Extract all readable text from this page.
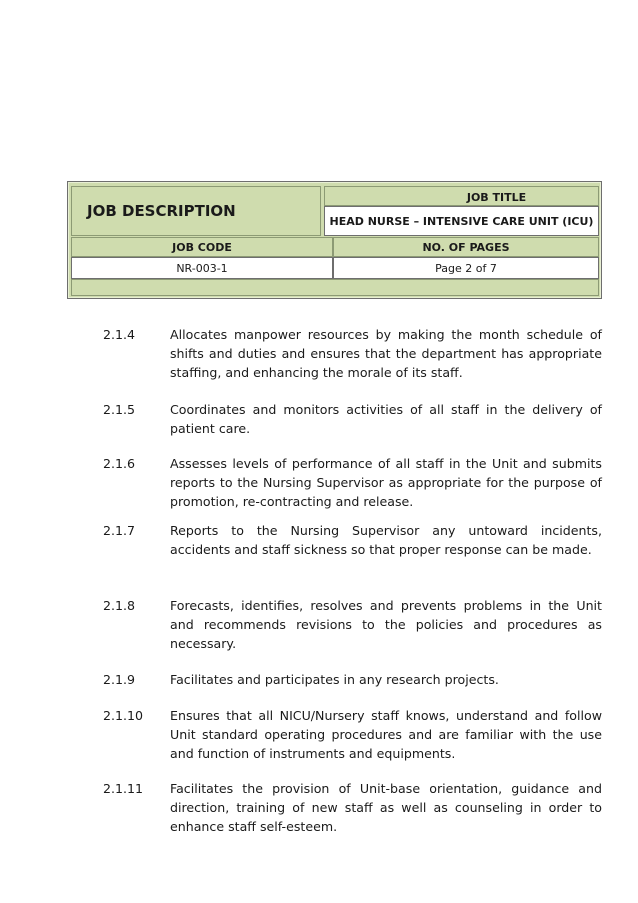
JOB DESCRIPTION
JOB TITLE
HEAD NURSE – INTENSIVE CARE UNIT (ICU)
JOB CODE	NO. OF PAGES
NR-003-1	Page 2 of 7
2.1.4	Allocates manpower resources by making the month schedule of shifts and duties and ensures that the department has appropriate staffing, and enhancing the morale of its staff.
2.1.5	Coordinates and monitors activities of all staff in the delivery of patient care.
2.1.6	Assesses levels of performance of all staff in the Unit and submits reports to the Nursing Supervisor as appropriate for the purpose of promotion, re-contracting and release.
2.1.7	Reports to the Nursing Supervisor any untoward incidents, accidents and staff sickness so that proper response can be made.
2.1.8	Forecasts, identifies, resolves and prevents problems in the Unit and recommends revisions to the policies and procedures as necessary.
2.1.9	Facilitates and participates in any research projects.
2.1.10	Ensures that all NICU/Nursery staff knows, understand and follow Unit standard operating procedures and are familiar with the use and function of instruments and equipments.
2.1.11	Facilitates the provision of Unit-base orientation, guidance and direction, training of new staff as well as counseling in order to enhance staff self-esteem.
